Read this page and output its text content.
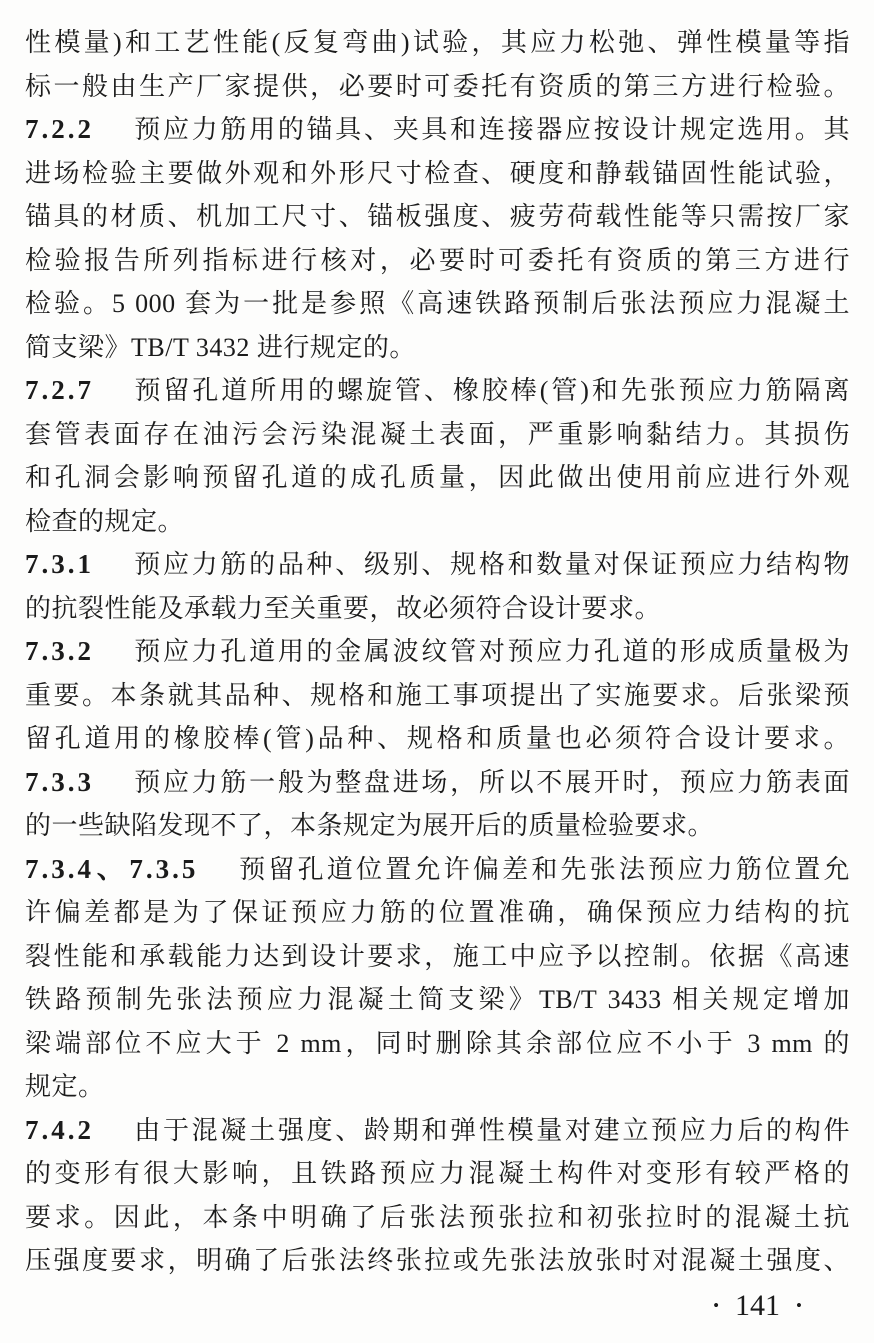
性模量)和工艺性能(反复弯曲)试验，其应力松弛、弹性模量等指
标一般由生产厂家提供，必要时可委托有资质的第三方进行检验。
7.2.2 预应力筋用的锚具、夹具和连接器应按设计规定选用。其
进场检验主要做外观和外形尺寸检查、硬度和静载锚固性能试验，
锚具的材质、机加工尺寸、锚板强度、疲劳荷载性能等只需按厂家
检验报告所列指标进行核对，必要时可委托有资质的第三方进行
检验。5 000 套为一批是参照《高速铁路预制后张法预应力混凝土
简支梁》TB/T 3432 进行规定的。
7.2.7 预留孔道所用的螺旋管、橡胶棒(管)和先张预应力筋隔离
套管表面存在油污会污染混凝土表面，严重影响黏结力。其损伤
和孔洞会影响预留孔道的成孔质量，因此做出使用前应进行外观
检查的规定。
7.3.1 预应力筋的品种、级别、规格和数量对保证预应力结构物
的抗裂性能及承载力至关重要，故必须符合设计要求。
7.3.2 预应力孔道用的金属波纹管对预应力孔道的形成质量极为
重要。本条就其品种、规格和施工事项提出了实施要求。后张梁预
留孔道用的橡胶棒(管)品种、规格和质量也必须符合设计要求。
7.3.3 预应力筋一般为整盘进场，所以不展开时，预应力筋表面
的一些缺陷发现不了，本条规定为展开后的质量检验要求。
7.3.4、7.3.5 预留孔道位置允许偏差和先张法预应力筋位置允
许偏差都是为了保证预应力筋的位置准确，确保预应力结构的抗
裂性能和承载能力达到设计要求，施工中应予以控制。依据《高速
铁路预制先张法预应力混凝土简支梁》TB/T 3433 相关规定增加
梁端部位不应大于 2 mm，同时删除其余部位应不小于 3 mm 的
规定。
7.4.2 由于混凝土强度、龄期和弹性模量对建立预应力后的构件
的变形有很大影响，且铁路预应力混凝土构件对变形有较严格的
要求。因此，本条中明确了后张法预张拉和初张拉时的混凝土抗
压强度要求，明确了后张法终张拉或先张法放张时对混凝土强度、
• 141 •
